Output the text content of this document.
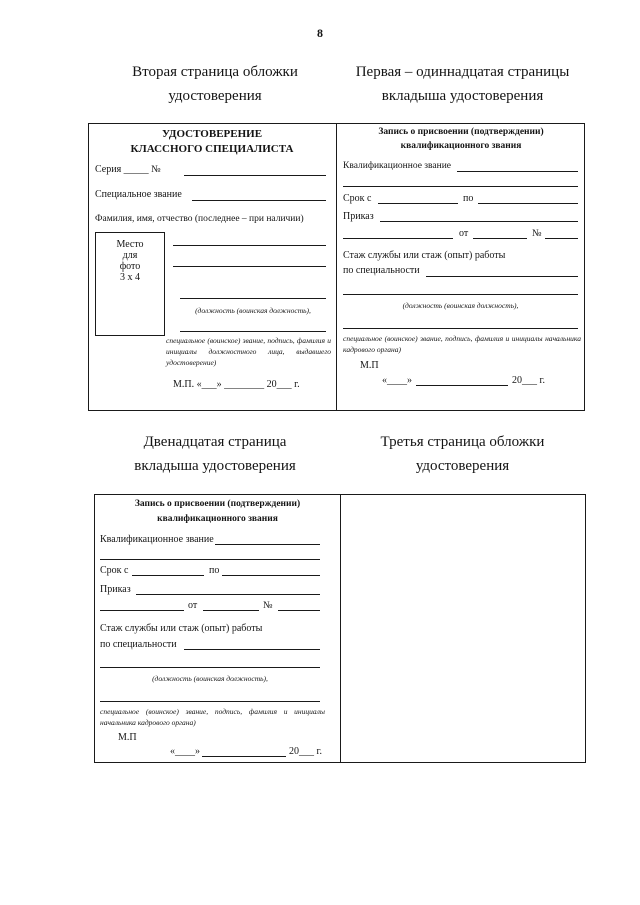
8
Вторая страница обложки
удостоверения
Первая – одиннадцатая страницы
вкладыша удостоверения
УДОСТОВЕРЕНИЕ
КЛАССНОГО СПЕЦИАЛИСТА
Серия _____ №
Специальное звание
Фамилия, имя, отчество (последнее – при наличии)
Место
для
фото
3 х 4
(должность (воинская должность),
специальное (воинское) звание, подпись, фамилия и инициалы должностного лица, выдавшего удостоверение)
М.П. «___» ________ 20___ г.
Запись о присвоении (подтверждении)
квалификационного звания
Квалификационное звание
Срок с	по
Приказ
от	№
Стаж службы или стаж (опыт) работы
по специальности
(должность (воинская должность),
специальное (воинское) звание, подпись, фамилия и инициалы начальника кадрового органа)
М.П
«____»	20___ г.
Двенадцатая страница
вкладыша удостоверения
Третья страница обложки
удостоверения
Запись о присвоении (подтверждении)
квалификационного звания
Квалификационное звание
Срок с	по
Приказ
от	№
Стаж службы или стаж (опыт) работы
по специальности
(должность (воинская должность),
специальное (воинское) звание, подпись, фамилия и инициалы начальника кадрового органа)
М.П
«____»	20___ г.
